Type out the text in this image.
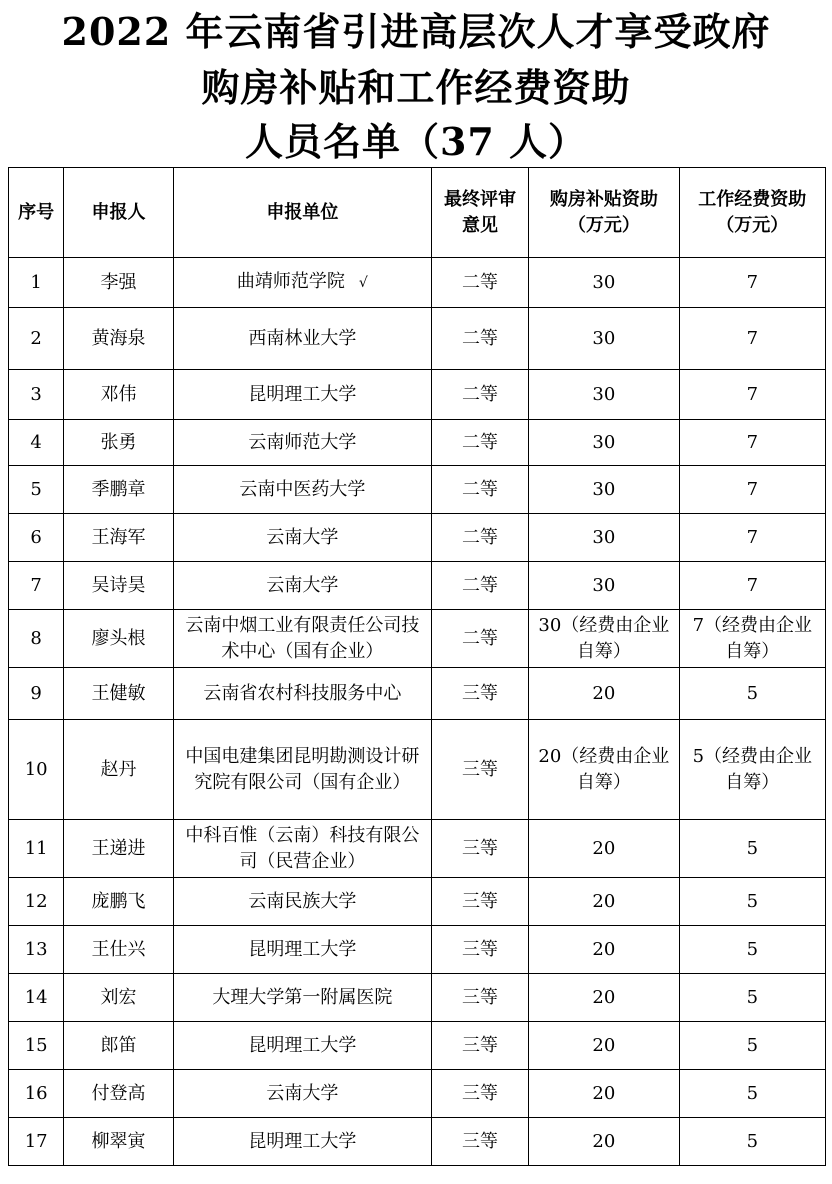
2022 年云南省引进高层次人才享受政府
购房补贴和工作经费资助
人员名单（37 人）
序号	申报人	申报单位	最终评审意见	购房补贴资助（万元）	工作经费资助（万元）
1	李强	曲靖师范学院 √	二等	30	7
2	黄海泉	西南林业大学	二等	30	7
3	邓伟	昆明理工大学	二等	30	7
4	张勇	云南师范大学	二等	30	7
5	季鹏章	云南中医药大学	二等	30	7
6	王海军	云南大学	二等	30	7
7	吴诗昊	云南大学	二等	30	7
8	廖头根	云南中烟工业有限责任公司技术中心（国有企业）	二等	30（经费由企业自筹）	7（经费由企业自筹）
9	王健敏	云南省农村科技服务中心	三等	20	5
10	赵丹	中国电建集团昆明勘测设计研究院有限公司（国有企业）	三等	20（经费由企业自筹）	5（经费由企业自筹）
11	王递进	中科百惟（云南）科技有限公司（民营企业）	三等	20	5
12	庞鹏飞	云南民族大学	三等	20	5
13	王仕兴	昆明理工大学	三等	20	5
14	刘宏	大理大学第一附属医院	三等	20	5
15	郎笛	昆明理工大学	三等	20	5
16	付登高	云南大学	三等	20	5
17	柳翠寅	昆明理工大学	三等	20	5
